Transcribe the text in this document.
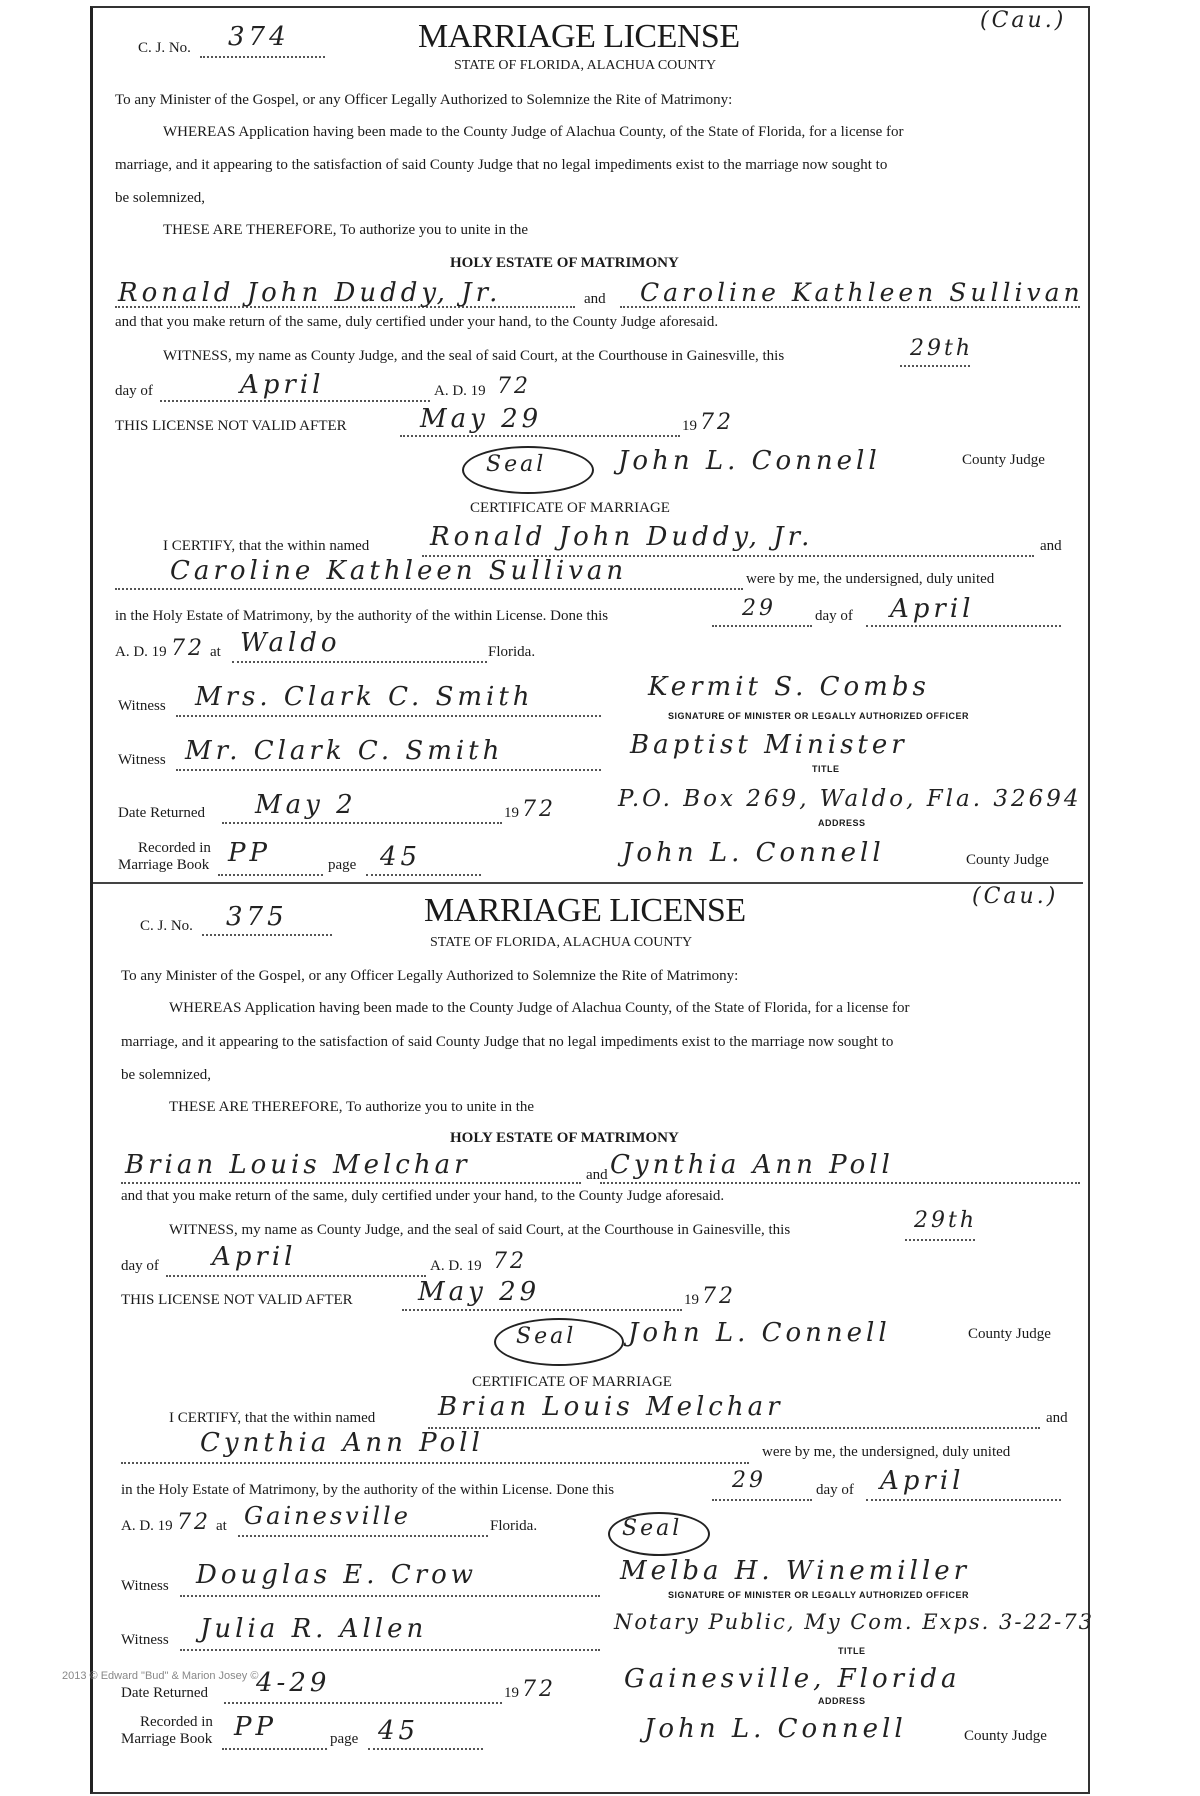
2013 © Edward "Bud" & Marion Josey ©
C. J. No. 374	MARRIAGE LICENSE	(Cau.)
STATE OF FLORIDA, ALACHUA COUNTY
To any Minister of the Gospel, or any Officer Legally Authorized to Solemnize the Rite of Matrimony:
WHEREAS Application having been made to the County Judge of Alachua County, of the State of Florida, for a license for
marriage, and it appearing to the satisfaction of said County Judge that no legal impediments exist to the marriage now sought to
be solemnized,
THESE ARE THEREFORE, To authorize you to unite in the
HOLY ESTATE OF MATRIMONY
Ronald John Duddy, Jr.	and Caroline Kathleen Sullivan
and that you make return of the same, duly certified under your hand, to the County Judge aforesaid.
WITNESS, my name as County Judge, and the seal of said Court, at the Courthouse in Gainesville, this	29th
day of	April	A. D. 19 72
THIS LICENSE NOT VALID AFTER	May 29	19 72
Seal	John L. Connell	County Judge
CERTIFICATE OF MARRIAGE
I CERTIFY, that the within named Ronald John Duddy, Jr.	and
Caroline Kathleen Sullivan	were by me, the undersigned, duly united
in the Holy Estate of Matrimony, by the authority of the within License. Done this	29	day of April
A. D. 19 72 at Waldo	Florida.
Witness Mrs. Clark C. Smith	Kermit S. Combs
SIGNATURE OF MINISTER OR LEGALLY AUTHORIZED OFFICER
Witness Mr. Clark C. Smith	Baptist Minister
TITLE
Date Returned May 2	19 72	P.O. Box 269, Waldo, Fla. 32694
ADDRESS
Recorded in
Marriage Book PP	page 45	John L. Connell	County Judge
C. J. No. 375	MARRIAGE LICENSE	(Cau.)
STATE OF FLORIDA, ALACHUA COUNTY
To any Minister of the Gospel, or any Officer Legally Authorized to Solemnize the Rite of Matrimony:
WHEREAS Application having been made to the County Judge of Alachua County, of the State of Florida, for a license for
marriage, and it appearing to the satisfaction of said County Judge that no legal impediments exist to the marriage now sought to
be solemnized,
THESE ARE THEREFORE, To authorize you to unite in the
HOLY ESTATE OF MATRIMONY
Brian Louis Melchar	and Cynthia Ann Poll
and that you make return of the same, duly certified under your hand, to the County Judge aforesaid.
WITNESS, my name as County Judge, and the seal of said Court, at the Courthouse in Gainesville, this	29th
day of April	A. D. 19 72
THIS LICENSE NOT VALID AFTER	May 29	19 72
Seal John L. Connell	County Judge
CERTIFICATE OF MARRIAGE
I CERTIFY, that the within named Brian Louis Melchar	and
Cynthia Ann Poll	were by me, the undersigned, duly united
in the Holy Estate of Matrimony, by the authority of the within License. Done this	29	day of April
A. D. 19 72 at Gainesville	Florida.	Seal
Witness Douglas E. Crow	Melba H. Winemiller
SIGNATURE OF MINISTER OR LEGALLY AUTHORIZED OFFICER
Witness Julia R. Allen	Notary Public, My Com. Exps. 3-22-73
TITLE
Date Returned 4-29	19 72	Gainesville, Florida
ADDRESS
Recorded in
Marriage Book PP	page 45	John L. Connell	County Judge
